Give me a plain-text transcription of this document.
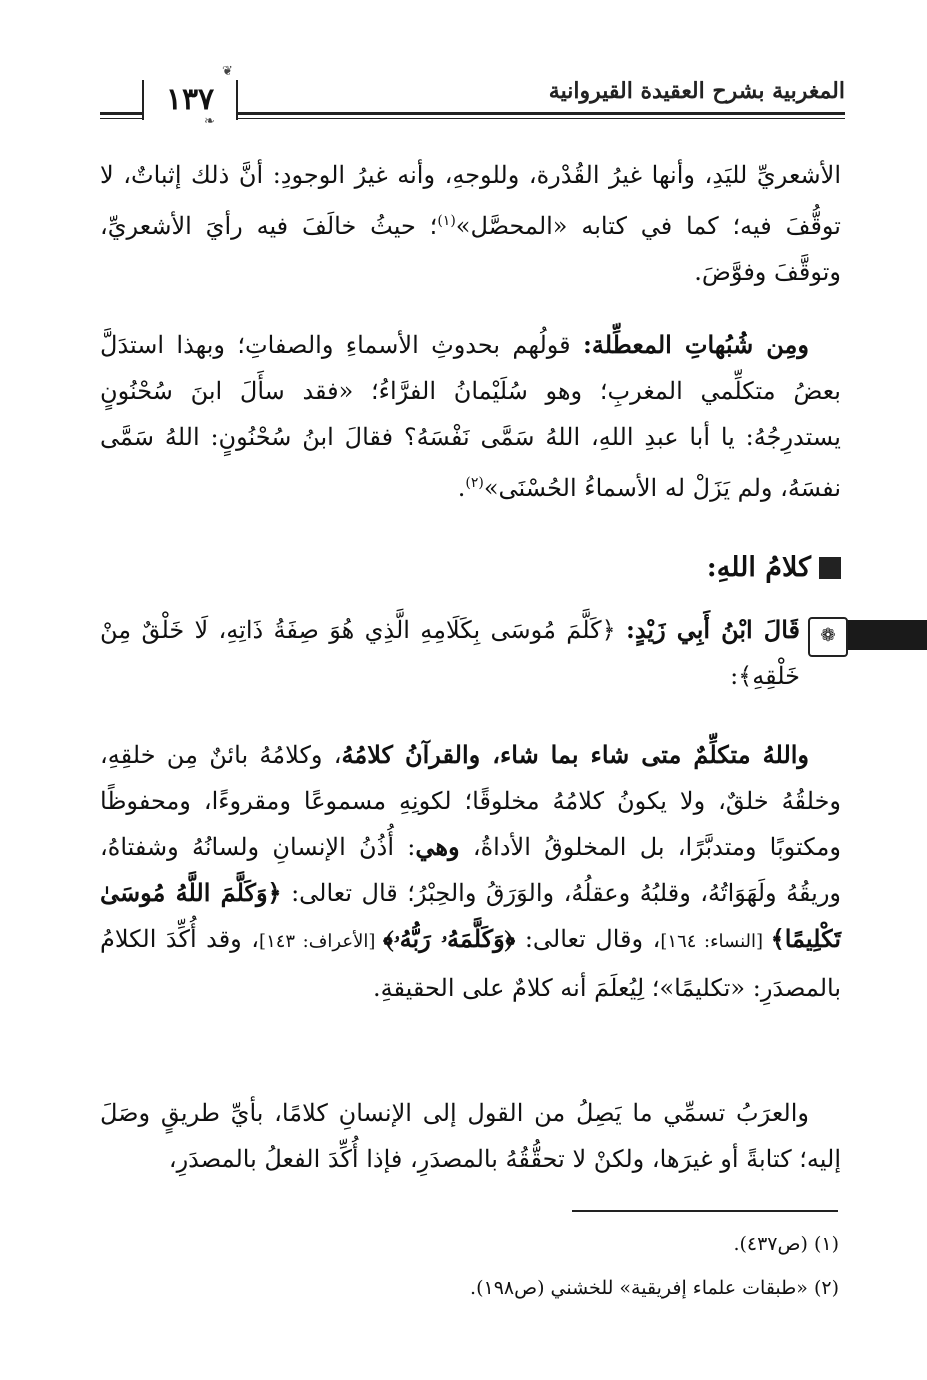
المغربية بشرح العقيدة القيروانية
١٣٧
❦
❧

الأشعريِّ لليَدِ، وأنها غيرُ القُدْرة، وللوجهِ، وأنه غيرُ الوجودِ: أنَّ ذلك إثباتٌ، لا توقُّفَ فيه؛ كما في كتابه «المحصَّل»$^{(١)}$؛ حيثُ خالَفَ فيه رأيَ الأشعريِّ، وتوقَّفَ وفوَّضَ.

ومِن شُبُهاتِ المعطِّلة: قولُهم بحدوثِ الأسماءِ والصفاتِ؛ وبهذا استدَلَّ بعضُ متكلِّمي المغربِ؛ وهو سُلَيْمانُ الفرَّاءُ؛ «فقد سأَلَ ابنَ سُحْنُونٍ يستدرِجُهُ: يا أبا عبدِ اللهِ، اللهُ سَمَّى نَفْسَهُ؟ فقالَ ابنُ سُحْنُونٍ: اللهُ سَمَّى نفسَهُ، ولم يَزَلْ له الأسماءُ الحُسْنَى»$^{(٢)}$.

كلامُ اللهِ:
❁

قَالَ ابْنُ أَبِي زَيْدٍ: ﴿كَلَّمَ مُوسَى بِكَلَامِهِ الَّذِي هُوَ صِفَةُ ذَاتِهِ، لَا خَلْقٌ مِنْ خَلْقِهِ﴾:

واللهُ متكلِّمٌ متى شاء بما شاء، والقرآنُ كلامُهُ، وكلامُهُ بائنٌ مِن خلقِهِ، وخلقُهُ خلقٌ، ولا يكونُ كلامُهُ مخلوقًا؛ لكونِهِ مسموعًا ومقروءًا، ومحفوظًا ومكتوبًا ومتدبَّرًا، بل المخلوقُ الأداةُ، وهي: أُذُنُ الإنسانِ ولسانُهُ وشفتاهُ، وريقُهُ ولَهَوَاتُهُ، وقلبُهُ وعقلُهُ، والوَرَقُ والحِبْرُ؛ قال تعالى: ﴿وَكَلَّمَ اللَّهُ مُوسَىٰ تَكْلِيمًا﴾ [النساء: ١٦٤]، وقال تعالى: ﴿وَكَلَّمَهُۥ رَبُّهُۥ﴾ [الأعراف: ١٤٣]، وقد أُكِّدَ الكلامُ بالمصدَرِ: «تكليمًا»؛ لِيُعلَمَ أنه كلامٌ على الحقيقةِ.

والعرَبُ تسمِّي ما يَصِلُ من القول إلى الإنسانِ كلامًا، بأيِّ طريقٍ وصَلَ إليه؛ كتابةً أو غيرَها، ولكنْ لا تحقُّقُهُ بالمصدَرِ، فإذا أُكِّدَ الفعلُ بالمصدَرِ،

(١) (ص٤٣٧).
(٢) «طبقات علماء إفريقية» للخشني (ص١٩٨).
